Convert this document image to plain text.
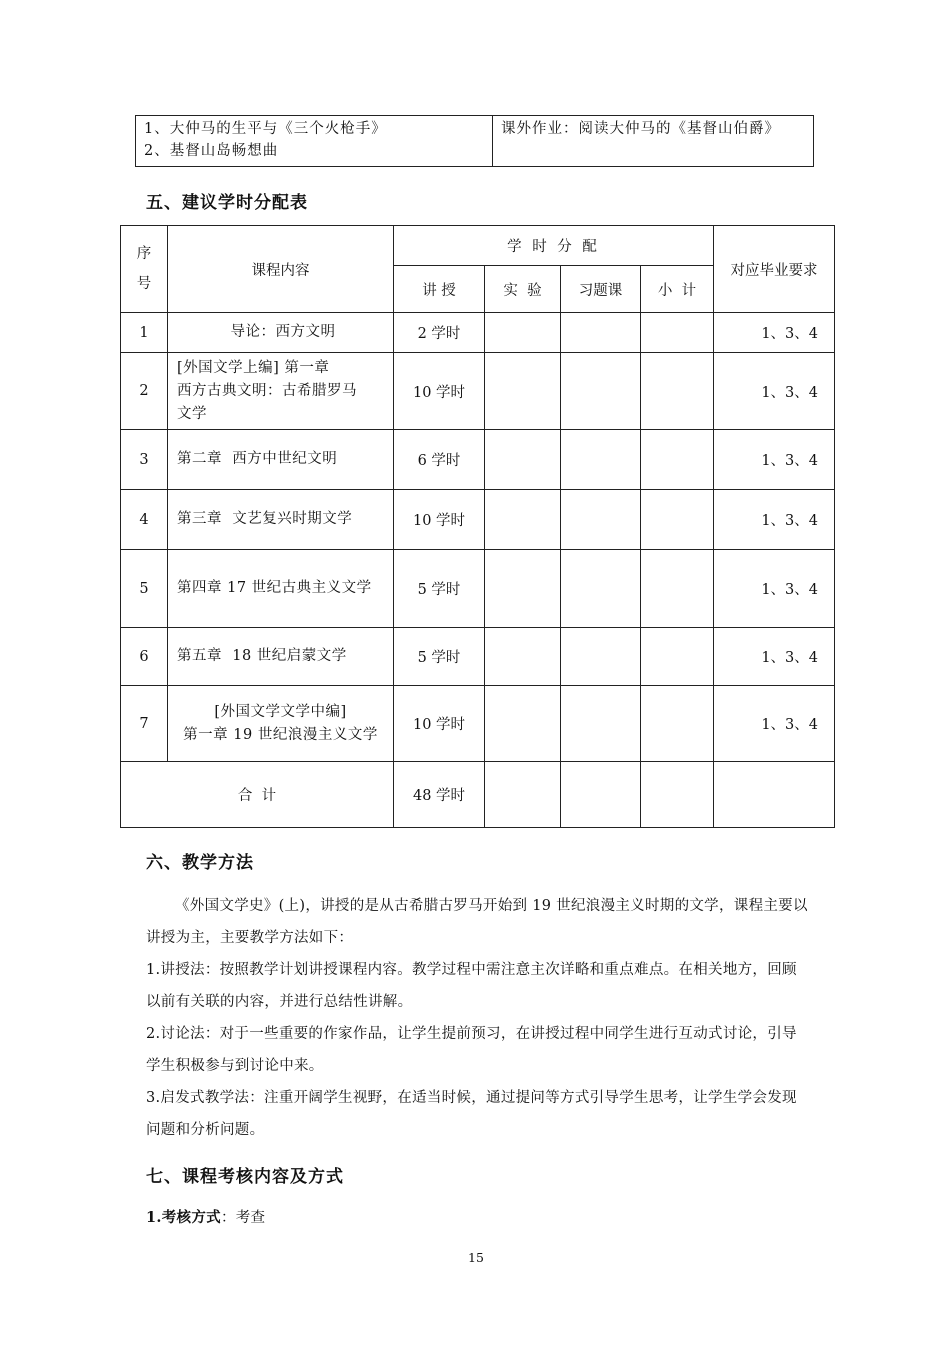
1、大仲马的生平与《三个火枪手》
2、基督山岛畅想曲
	课外作业：阅读大仲马的《基督山伯爵》
五、建议学时分配表
序
号	课程内容	学 时 分 配				对应毕业要求
		讲 授	实  验	习题课	小  计	
1	导论：西方文明	2 学时				1、3、4
2	[外国文学上编] 第一章
西方古典文明：古希腊罗马
文学	10 学时				1、3、4
3	第二章  西方中世纪文明	6 学时				1、3、4
4	第三章  文艺复兴时期文学	10 学时				1、3、4
5	第四章 17 世纪古典主义文学	5 学时				1、3、4
6	第五章  18 世纪启蒙文学	5 学时				1、3、4
7	[外国文学文学中编]
第一章 19 世纪浪漫主义文学	10 学时				1、3、4
合  计		48 学时				
六、教学方法
《外国文学史》(上)，讲授的是从古希腊古罗马开始到 19 世纪浪漫主义时期的文学，课程主要以讲授为主，主要教学方法如下：
1.讲授法：按照教学计划讲授课程内容。教学过程中需注意主次详略和重点难点。在相关地方，回顾以前有关联的内容，并进行总结性讲解。
2.讨论法：对于一些重要的作家作品，让学生提前预习，在讲授过程中同学生进行互动式讨论，引导学生积极参与到讨论中来。
3.启发式教学法：注重开阔学生视野，在适当时候，通过提问等方式引导学生思考，让学生学会发现问题和分析问题。
七、课程考核内容及方式
1.考核方式：考查
15
